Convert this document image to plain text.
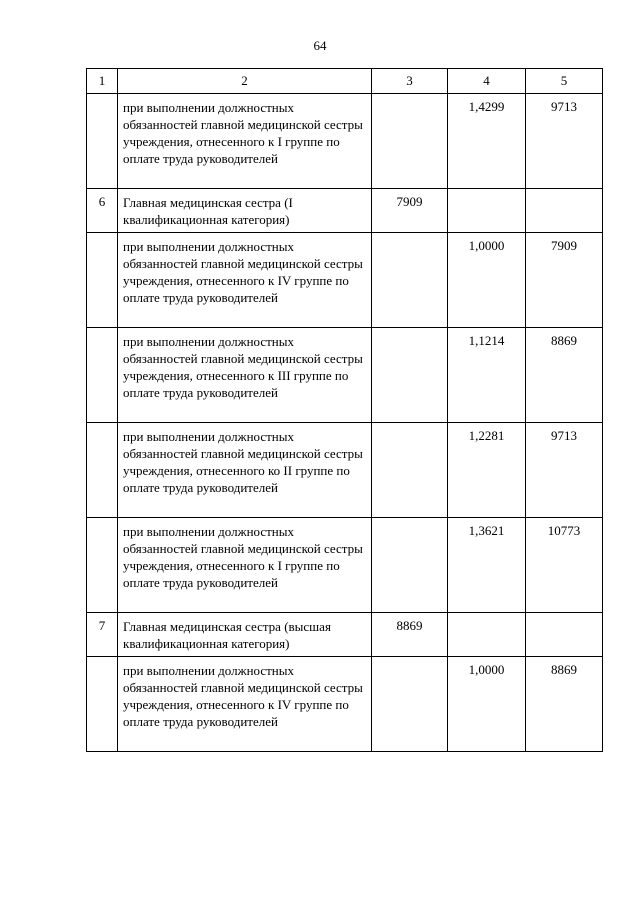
64
1	2	3	4	5
	при выполнении должностных обязанностей главной медицинской сестры учреждения, отнесенного к I группе по оплате труда руководителей		1,4299	9713
6	Главная медицинская сестра (I квалификационная категория)	7909		
	при выполнении должностных обязанностей главной медицинской сестры учреждения, отнесенного к IV группе по оплате труда руководителей		1,0000	7909
	при выполнении должностных обязанностей главной медицинской сестры учреждения, отнесенного к III группе по оплате труда руководителей		1,1214	8869
	при выполнении должностных обязанностей главной медицинской сестры учреждения, отнесенного ко II группе по оплате труда руководителей		1,2281	9713
	при выполнении должностных обязанностей главной медицинской сестры учреждения, отнесенного к I группе по оплате труда руководителей		1,3621	10773
7	Главная медицинская сестра (высшая квалификационная категория)	8869		
	при выполнении должностных обязанностей главной медицинской сестры учреждения, отнесенного к IV группе по оплате труда руководителей		1,0000	8869
